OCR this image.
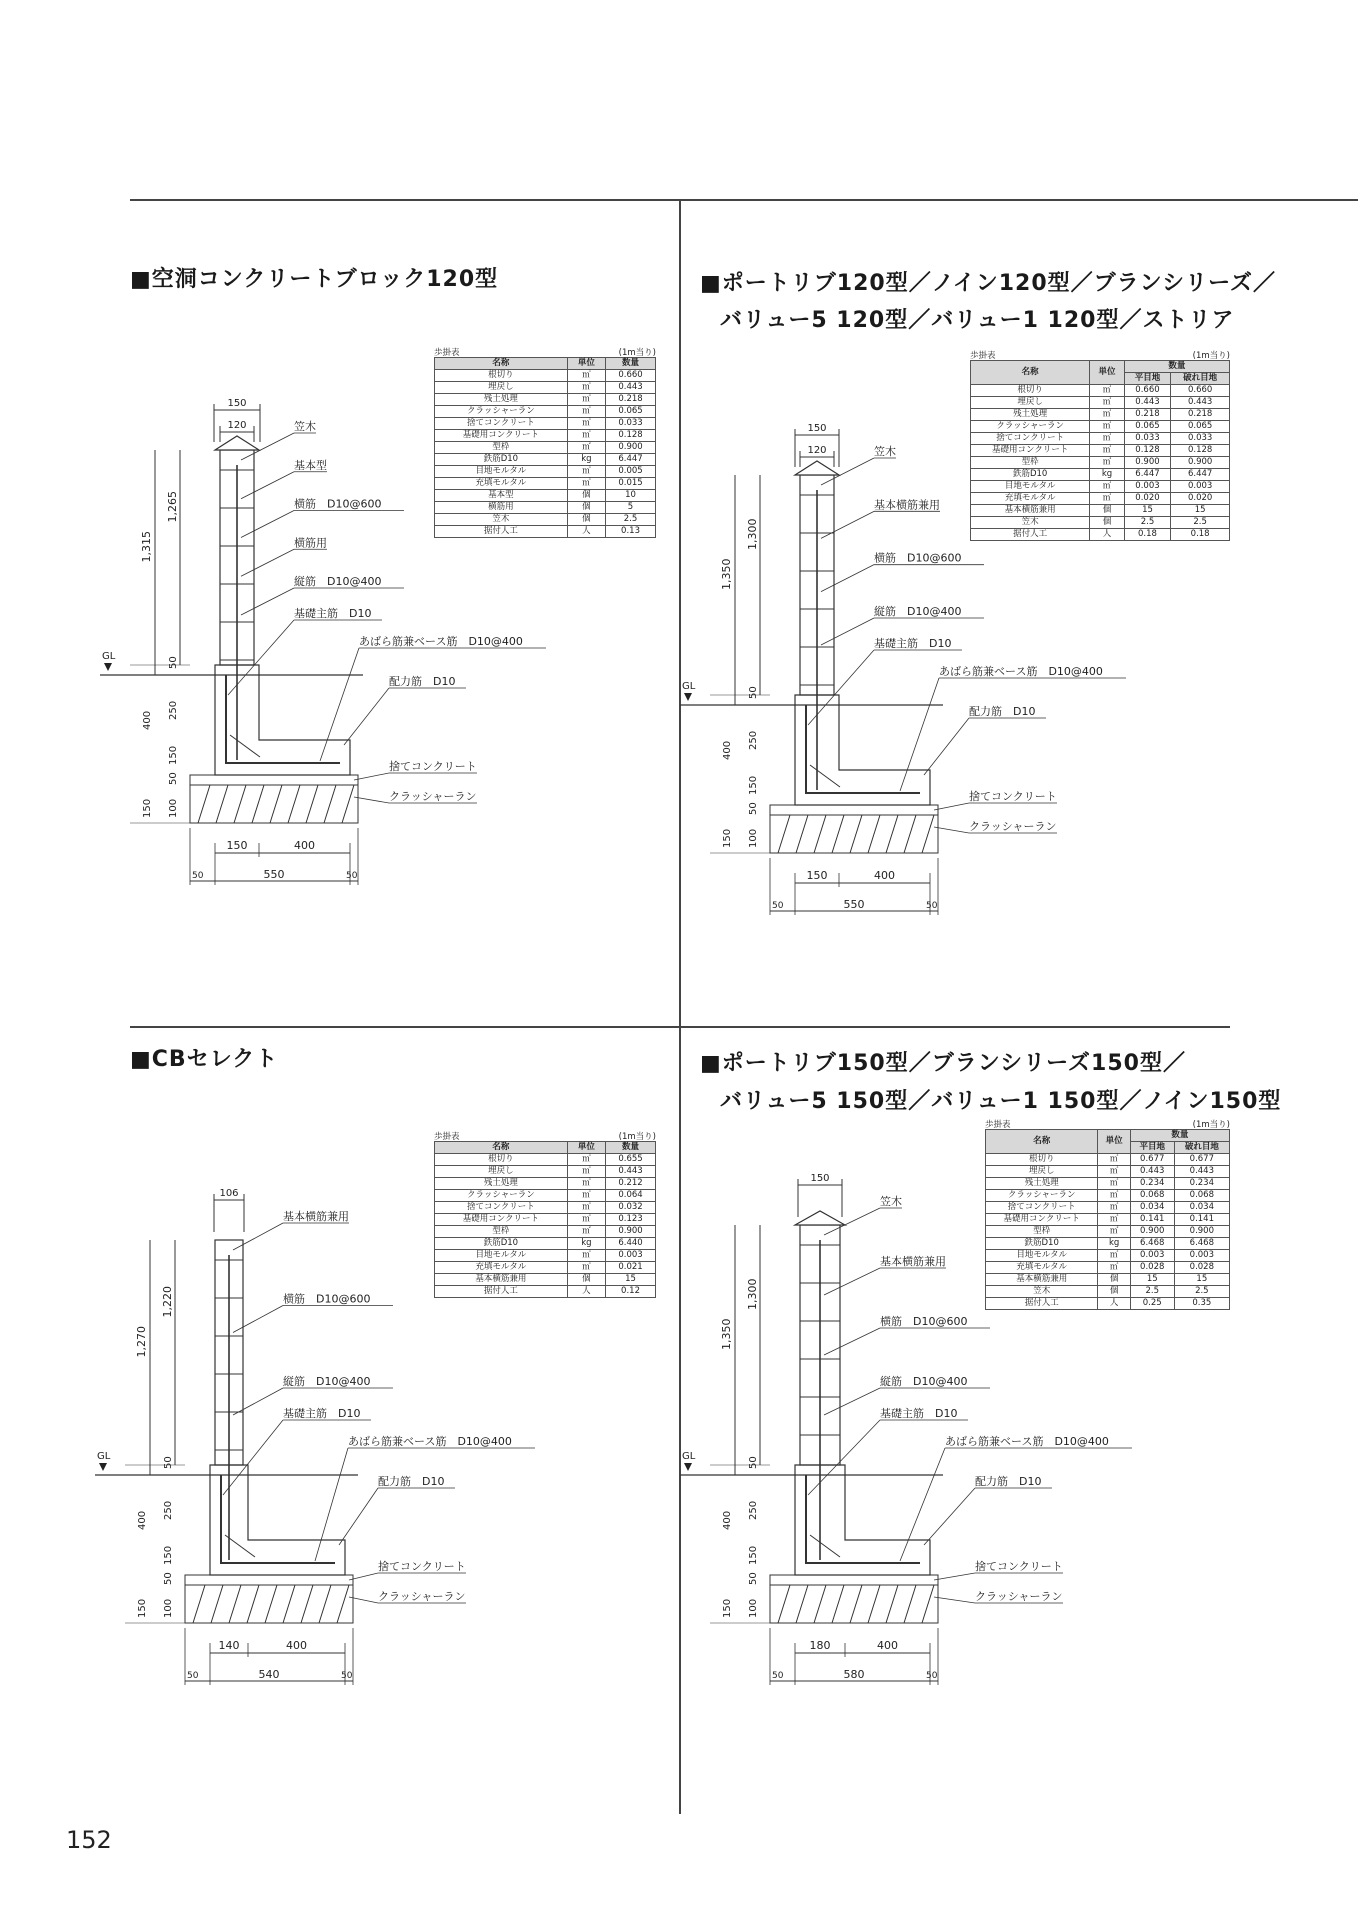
■空洞コンクリートブロック120型	■ポートリブ120型／ノイン120型／ブランシリーズ／
バリュー5 120型／バリュー1 120型／ストリア
■CBセレクト	■ポートリブ150型／ブランシリーズ150型／
バリュー5 150型／バリュー1 150型／ノイン150型
歩掛表	(1m当り)
名称	単位	数量
根切り	㎥	0.660
埋戻し	㎥	0.443
残土処理	㎥	0.218
クラッシャーラン	㎥	0.065
捨てコンクリート	㎥	0.033
基礎用コンクリート	㎥	0.128
型枠	㎡	0.900
鉄筋D10	kg	6.447
目地モルタル	㎥	0.005
充填モルタル	㎥	0.015
基本型	個	10
横筋用	個	5
笠木	個	2.5
据付人工	人	0.13
歩掛表	(1m当り)
名称	単位	数量	
		平目地	破れ目地
根切り	㎥	0.660	0.660
埋戻し	㎥	0.443	0.443
残土処理	㎥	0.218	0.218
クラッシャーラン	㎥	0.065	0.065
捨てコンクリート	㎥	0.033	0.033
基礎用コンクリート	㎥	0.128	0.128
型枠	㎡	0.900	0.900
鉄筋D10	kg	6.447	6.447
目地モルタル	㎥	0.003	0.003
充填モルタル	㎥	0.020	0.020
基本横筋兼用	個	15	15
笠木	個	2.5	2.5
据付人工	人	0.18	0.18
歩掛表	(1m当り)
名称	単位	数量
根切り	㎥	0.655
埋戻し	㎥	0.443
残土処理	㎥	0.212
クラッシャーラン	㎥	0.064
捨てコンクリート	㎥	0.032
基礎用コンクリート	㎥	0.123
型枠	㎡	0.900
鉄筋D10	kg	6.440
目地モルタル	㎥	0.003
充填モルタル	㎥	0.021
基本横筋兼用	個	15
据付人工	人	0.12
歩掛表	(1m当り)
名称	単位	数量	
		平目地	破れ目地
根切り	㎥	0.677	0.677
埋戻し	㎥	0.443	0.443
残土処理	㎥	0.234	0.234
クラッシャーラン	㎥	0.068	0.068
捨てコンクリート	㎥	0.034	0.034
基礎用コンクリート	㎥	0.141	0.141
型枠	㎡	0.900	0.900
鉄筋D10	kg	6.468	6.468
目地モルタル	㎥	0.003	0.003
充填モルタル	㎥	0.028	0.028
基本横筋兼用	個	15	15
笠木	個	2.5	2.5
据付人工	人	0.25	0.35
GL
150
120
1,315
1,265
50
250
400
150
50
150 100
150	400
50	550	50
笠木
基本型
横筋　D10@600
横筋用
縦筋　D10@400
基礎主筋　D10
あばら筋兼ベース筋　D10@400
配力筋　D10
捨てコンクリート
クラッシャーラン
GL
150
120
1,350
1,300
50
250
400
150
50
150 100
150	400
50	550	50
笠木
基本横筋兼用
横筋　D10@600
縦筋　D10@400
基礎主筋　D10
あばら筋兼ベース筋　D10@400
配力筋　D10
捨てコンクリート
クラッシャーラン
GL
106
1,270
1,220
50
250
400
150
50
150 100
140	400
50	540	50
基本横筋兼用
横筋　D10@600
縦筋　D10@400
基礎主筋　D10
あばら筋兼ベース筋　D10@400
配力筋　D10
捨てコンクリート
クラッシャーラン
GL
150
1,350
1,300
50
250
400
150
50
150 100
180	400
50	580	50
笠木
基本横筋兼用
横筋　D10@600
縦筋　D10@400
基礎主筋　D10
あばら筋兼ベース筋　D10@400
配力筋　D10
捨てコンクリート
クラッシャーラン
152
